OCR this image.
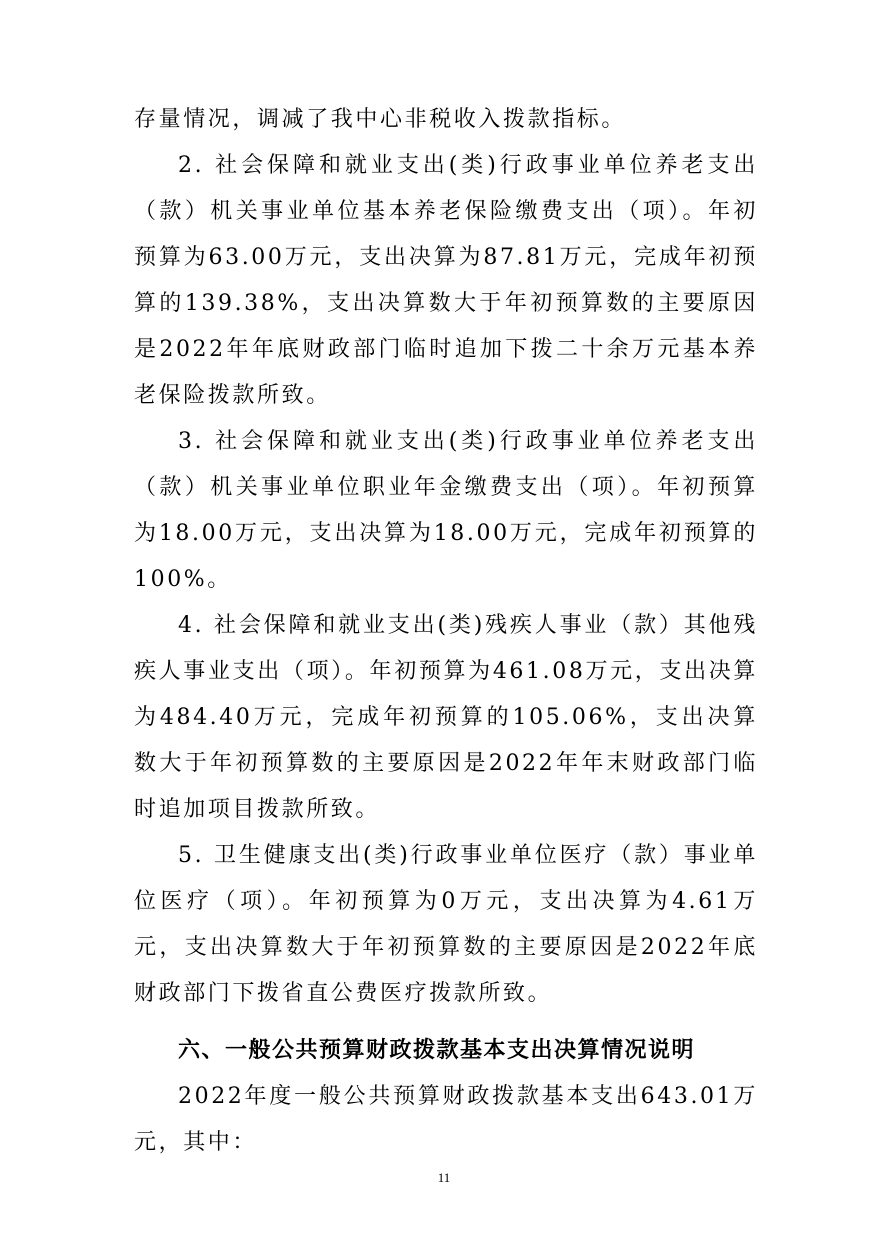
存量情况，调减了我中心非税收入拨款指标。

2. 社会保障和就业支出(类)行政事业单位养老支出（款）机关事业单位基本养老保险缴费支出（项）。年初预算为63.00万元，支出决算为87.81万元，完成年初预算的139.38%，支出决算数大于年初预算数的主要原因是2022年年底财政部门临时追加下拨二十余万元基本养老保险拨款所致。

3. 社会保障和就业支出(类)行政事业单位养老支出（款）机关事业单位职业年金缴费支出（项）。年初预算为18.00万元，支出决算为18.00万元，完成年初预算的100%。

4. 社会保障和就业支出(类)残疾人事业（款）其他残疾人事业支出（项）。年初预算为461.08万元，支出决算为484.40万元，完成年初预算的105.06%，支出决算数大于年初预算数的主要原因是2022年年末财政部门临时追加项目拨款所致。

5. 卫生健康支出(类)行政事业单位医疗（款）事业单位医疗（项）。年初预算为0万元，支出决算为4.61万元，支出决算数大于年初预算数的主要原因是2022年底财政部门下拨省直公费医疗拨款所致。

六、一般公共预算财政拨款基本支出决算情况说明

2022年度一般公共预算财政拨款基本支出643.01万元，其中：

11
